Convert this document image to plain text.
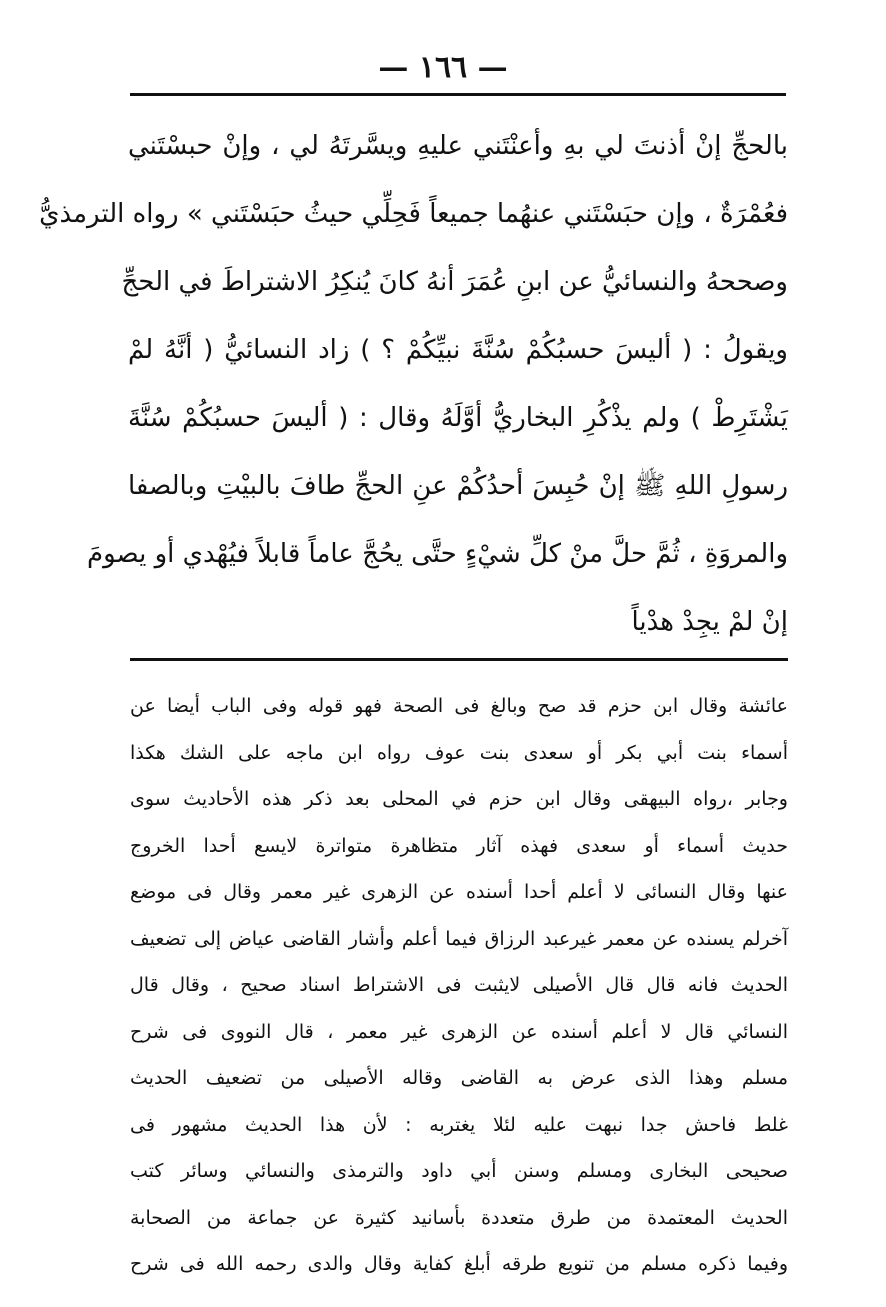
— ١٦٦ —
بالحجِّ إنْ أذنتَ لي بهِ وأعنْتَني عليهِ ويسَّرتَهُ لي ، وإنْ حبسْتَني
فعُمْرَةٌ ، وإن حبَسْتَني عنهُما جميعاً فَحِلِّي حيثُ حبَسْتَني » رواه الترمذيُّ
وصححهُ والنسائيُّ عن ابنِ عُمَرَ أنهُ كانَ يُنكِرُ الاشتراطَ في الحجِّ
ويقولُ : ( أليسَ حسبُكُمْ سُنَّةَ نبيِّكُمْ ؟ ) زاد النسائيُّ ( أنَّهُ لمْ
يَشْتَرِطْ ) ولم يذْكُرِ البخاريُّ أوَّلَهُ وقال : ( أليسَ حسبُكُمْ سُنَّةَ
رسولِ اللهِ ﷺ إنْ حُبِسَ أحدُكُمْ عنِ الحجِّ طافَ بالبيْتِ وبالصفا
والمروَةِ ، ثُمَّ حلَّ منْ كلِّ شيْءٍ حتَّى يحُجَّ عاماً قابلاً فيُهْدي أو يصومَ
إنْ لمْ يجِدْ هدْياً
عائشة وقال ابن حزم قد صح وبالغ فى الصحة فهو قوله وفى الباب أيضا عن
أسماء بنت أبي بكر أو سعدى بنت عوف رواه ابن ماجه على الشك هكذا
وجابر ،رواه البيهقى وقال ابن حزم في المحلى بعد ذكر هذه الأحاديث سوى
حديث أسماء أو سعدى فهذه آثار متظاهرة متواترة لايسع أحدا الخروج
عنها وقال النسائى لا أعلم أحدا أسنده عن الزهرى غير معمر وقال فى موضع
آخرلم يسنده عن معمر غيرعبد الرزاق فيما أعلم وأشار القاضى عياض إلى تضعيف
الحديث فانه قال قال الأصيلى لايثبت فى الاشتراط اسناد صحيح ، وقال قال
النسائي قال لا أعلم أسنده عن الزهرى غير معمر ، قال النووى فى شرح
مسلم وهذا الذى عرض به القاضى وقاله الأصيلى من تضعيف الحديث
غلط فاحش جدا نبهت عليه لئلا يغتربه : لأن هذا الحديث مشهور فى
صحيحى البخارى ومسلم وسنن أبي داود والترمذى والنسائي وسائر كتب
الحديث المعتمدة من طرق متعددة بأسانيد كثيرة عن جماعة من الصحابة
وفيما ذكره مسلم من تنويع طرقه أبلغ كفاية وقال والدى رحمه الله فى شرح
